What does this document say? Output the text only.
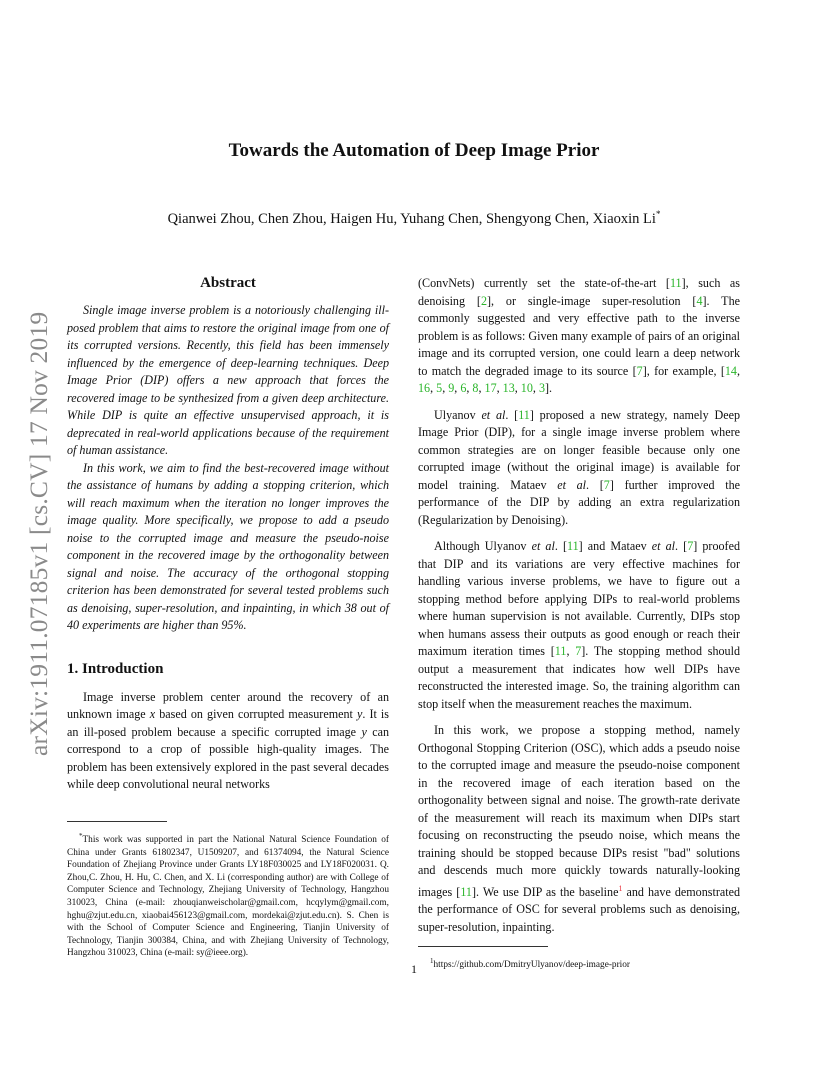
arXiv:1911.07185v1 [cs.CV] 17 Nov 2019
Towards the Automation of Deep Image Prior
Qianwei Zhou, Chen Zhou, Haigen Hu, Yuhang Chen, Shengyong Chen, Xiaoxin Li*
Abstract

Single image inverse problem is a notoriously challenging ill-posed problem that aims to restore the original image from one of its corrupted versions. Recently, this field has been immensely influenced by the emergence of deep-learning techniques. Deep Image Prior (DIP) offers a new approach that forces the recovered image to be synthesized from a given deep architecture. While DIP is quite an effective unsupervised approach, it is deprecated in real-world applications because of the requirement of human assistance.

In this work, we aim to find the best-recovered image without the assistance of humans by adding a stopping criterion, which will reach maximum when the iteration no longer improves the image quality. More specifically, we propose to add a pseudo noise to the corrupted image and measure the pseudo-noise component in the recovered image by the orthogonality between signal and noise. The accuracy of the orthogonal stopping criterion has been demonstrated for several tested problems such as denoising, super-resolution, and inpainting, in which 38 out of 40 experiments are higher than 95%.

1. Introduction

Image inverse problem center around the recovery of an unknown image x based on given corrupted measurement y. It is an ill-posed problem because a specific corrupted image y can correspond to a crop of possible high-quality images. The problem has been extensively explored in the past several decades while deep convolutional neural networks

*This work was supported in part the National Natural Science Foundation of China under Grants 61802347, U1509207, and 61374094, the Natural Science Foundation of Zhejiang Province under Grants LY18F030025 and LY18F020031. Q. Zhou,C. Zhou, H. Hu, C. Chen, and X. Li (corresponding author) are with College of Computer Science and Technology, Zhejiang University of Technology, Hangzhou 310023, China (e-mail: zhouqianweischolar@gmail.com, hcqylym@gmail.com, hghu@zjut.edu.cn, xiaobai456123@gmail.com, mordekai@zjut.edu.cn). S. Chen is with the School of Computer Science and Engineering, Tianjin University of Technology, Tianjin 300384, China, and with Zhejiang University of Technology, Hangzhou 310023, China (e-mail: sy@ieee.org).

(ConvNets) currently set the state-of-the-art [11], such as denoising [2], or single-image super-resolution [4]. The commonly suggested and very effective path to the inverse problem is as follows: Given many example of pairs of an original image and its corrupted version, one could learn a deep network to match the degraded image to its source [7], for example, [14, 16, 5, 9, 6, 8, 17, 13, 10, 3].

Ulyanov et al. [11] proposed a new strategy, namely Deep Image Prior (DIP), for a single image inverse problem where common strategies are on longer feasible because only one corrupted image (without the original image) is available for model training. Mataev et al. [7] further improved the performance of the DIP by adding an extra regularization (Regularization by Denoising).

Although Ulyanov et al. [11] and Mataev et al. [7] proofed that DIP and its variations are very effective machines for handling various inverse problems, we have to figure out a stopping method before applying DIPs to real-world problems where human supervision is not available. Currently, DIPs stop when humans assess their outputs as good enough or reach their maximum iteration times [11, 7]. The stopping method should output a measurement that indicates how well DIPs have reconstructed the interested image. So, the training algorithm can stop itself when the measurement reaches the maximum.

In this work, we propose a stopping method, namely Orthogonal Stopping Criterion (OSC), which adds a pseudo noise to the corrupted image and measure the pseudo-noise component in the recovered image of each iteration based on the orthogonality between signal and noise. The growth-rate derivate of the measurement will reach its maximum when DIPs start focusing on reconstructing the pseudo noise, which means the training should be stopped because DIPs resist "bad" solutions and descends much more quickly towards naturally-looking images [11]. We use DIP as the baseline$^1$ and have demonstrated the performance of OSC for several problems such as denoising, super-resolution, inpainting.

$^1$https://github.com/DmitryUlyanov/deep-image-prior

1
